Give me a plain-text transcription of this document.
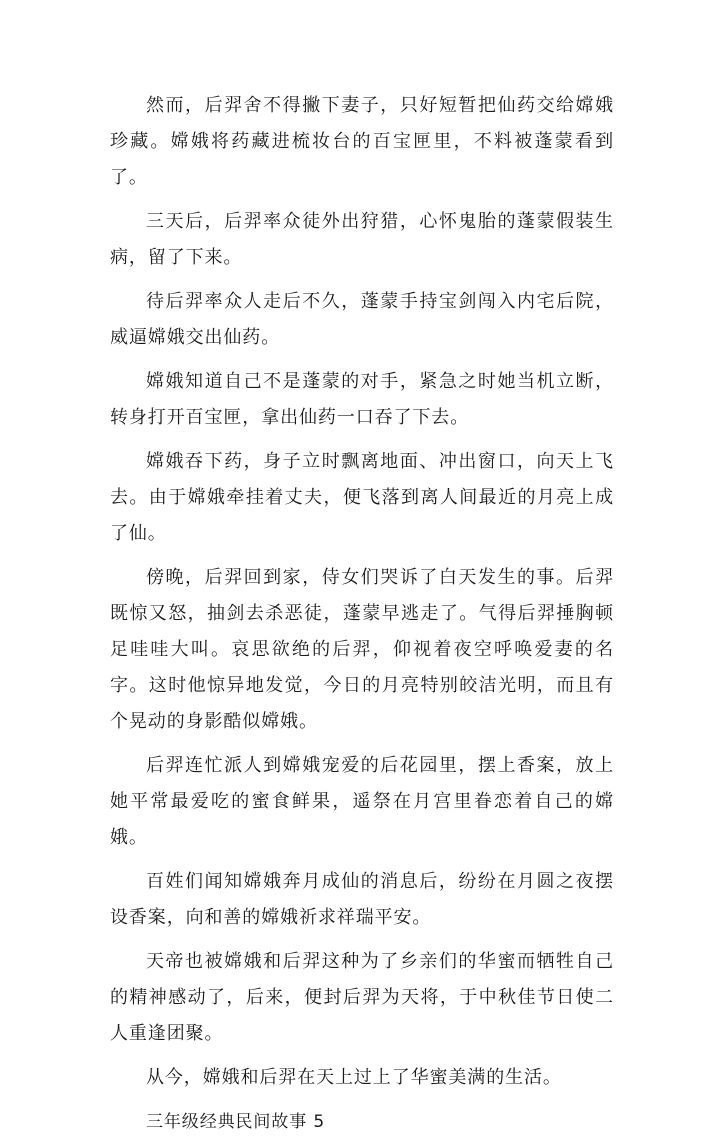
然而，后羿舍不得撇下妻子，只好短暂把仙药交给嫦娥珍藏。嫦娥将药藏进梳妆台的百宝匣里，不料被蓬蒙看到了。

三天后，后羿率众徒外出狩猎，心怀鬼胎的蓬蒙假装生病，留了下来。

待后羿率众人走后不久，蓬蒙手持宝剑闯入内宅后院，威逼嫦娥交出仙药。

嫦娥知道自己不是蓬蒙的对手，紧急之时她当机立断，转身打开百宝匣，拿出仙药一口吞了下去。

嫦娥吞下药，身子立时飘离地面、冲出窗口，向天上飞去。由于嫦娥牵挂着丈夫，便飞落到离人间最近的月亮上成了仙。

傍晚，后羿回到家，侍女们哭诉了白天发生的事。后羿既惊又怒，抽剑去杀恶徒，蓬蒙早逃走了。气得后羿捶胸顿足哇哇大叫。哀思欲绝的后羿，仰视着夜空呼唤爱妻的名字。这时他惊异地发觉，今日的月亮特别皎洁光明，而且有个晃动的身影酷似嫦娥。

后羿连忙派人到嫦娥宠爱的后花园里，摆上香案，放上她平常最爱吃的蜜食鲜果，遥祭在月宫里眷恋着自己的嫦娥。

百姓们闻知嫦娥奔月成仙的消息后，纷纷在月圆之夜摆设香案，向和善的嫦娥祈求祥瑞平安。

天帝也被嫦娥和后羿这种为了乡亲们的华蜜而牺牲自己的精神感动了，后来，便封后羿为天将，于中秋佳节日使二人重逢团聚。

从今，嫦娥和后羿在天上过上了华蜜美满的生活。

三年级经典民间故事 5
